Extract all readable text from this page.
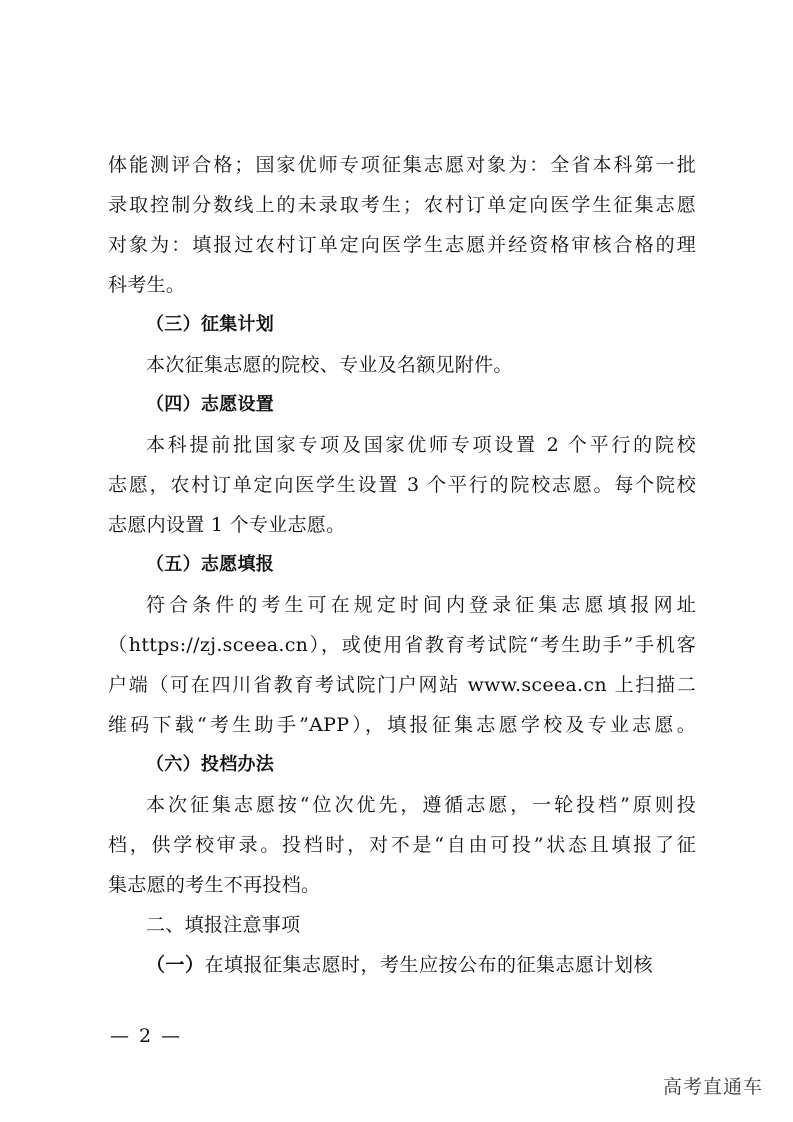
体能测评合格；国家优师专项征集志愿对象为：全省本科第一批
录取控制分数线上的未录取考生；农村订单定向医学生征集志愿
对象为：填报过农村订单定向医学生志愿并经资格审核合格的理
科考生。
（三）征集计划
本次征集志愿的院校、专业及名额见附件。
（四）志愿设置
本科提前批国家专项及国家优师专项设置 2 个平行的院校
志愿，农村订单定向医学生设置 3 个平行的院校志愿。每个院校
志愿内设置 1 个专业志愿。
（五）志愿填报
符合条件的考生可在规定时间内登录征集志愿填报网址
（https://zj.sceea.cn），或使用省教育考试院“考生助手”手机客
户端（可在四川省教育考试院门户网站 www.sceea.cn 上扫描二
维码下载“考生助手”APP），填报征集志愿学校及专业志愿。
（六）投档办法
本次征集志愿按“位次优先，遵循志愿，一轮投档”原则投
档，供学校审录。投档时，对不是“自由可投”状态且填报了征
集志愿的考生不再投档。
二、填报注意事项
（一）在填报征集志愿时，考生应按公布的征集志愿计划核
— 2 —
高考直通车
